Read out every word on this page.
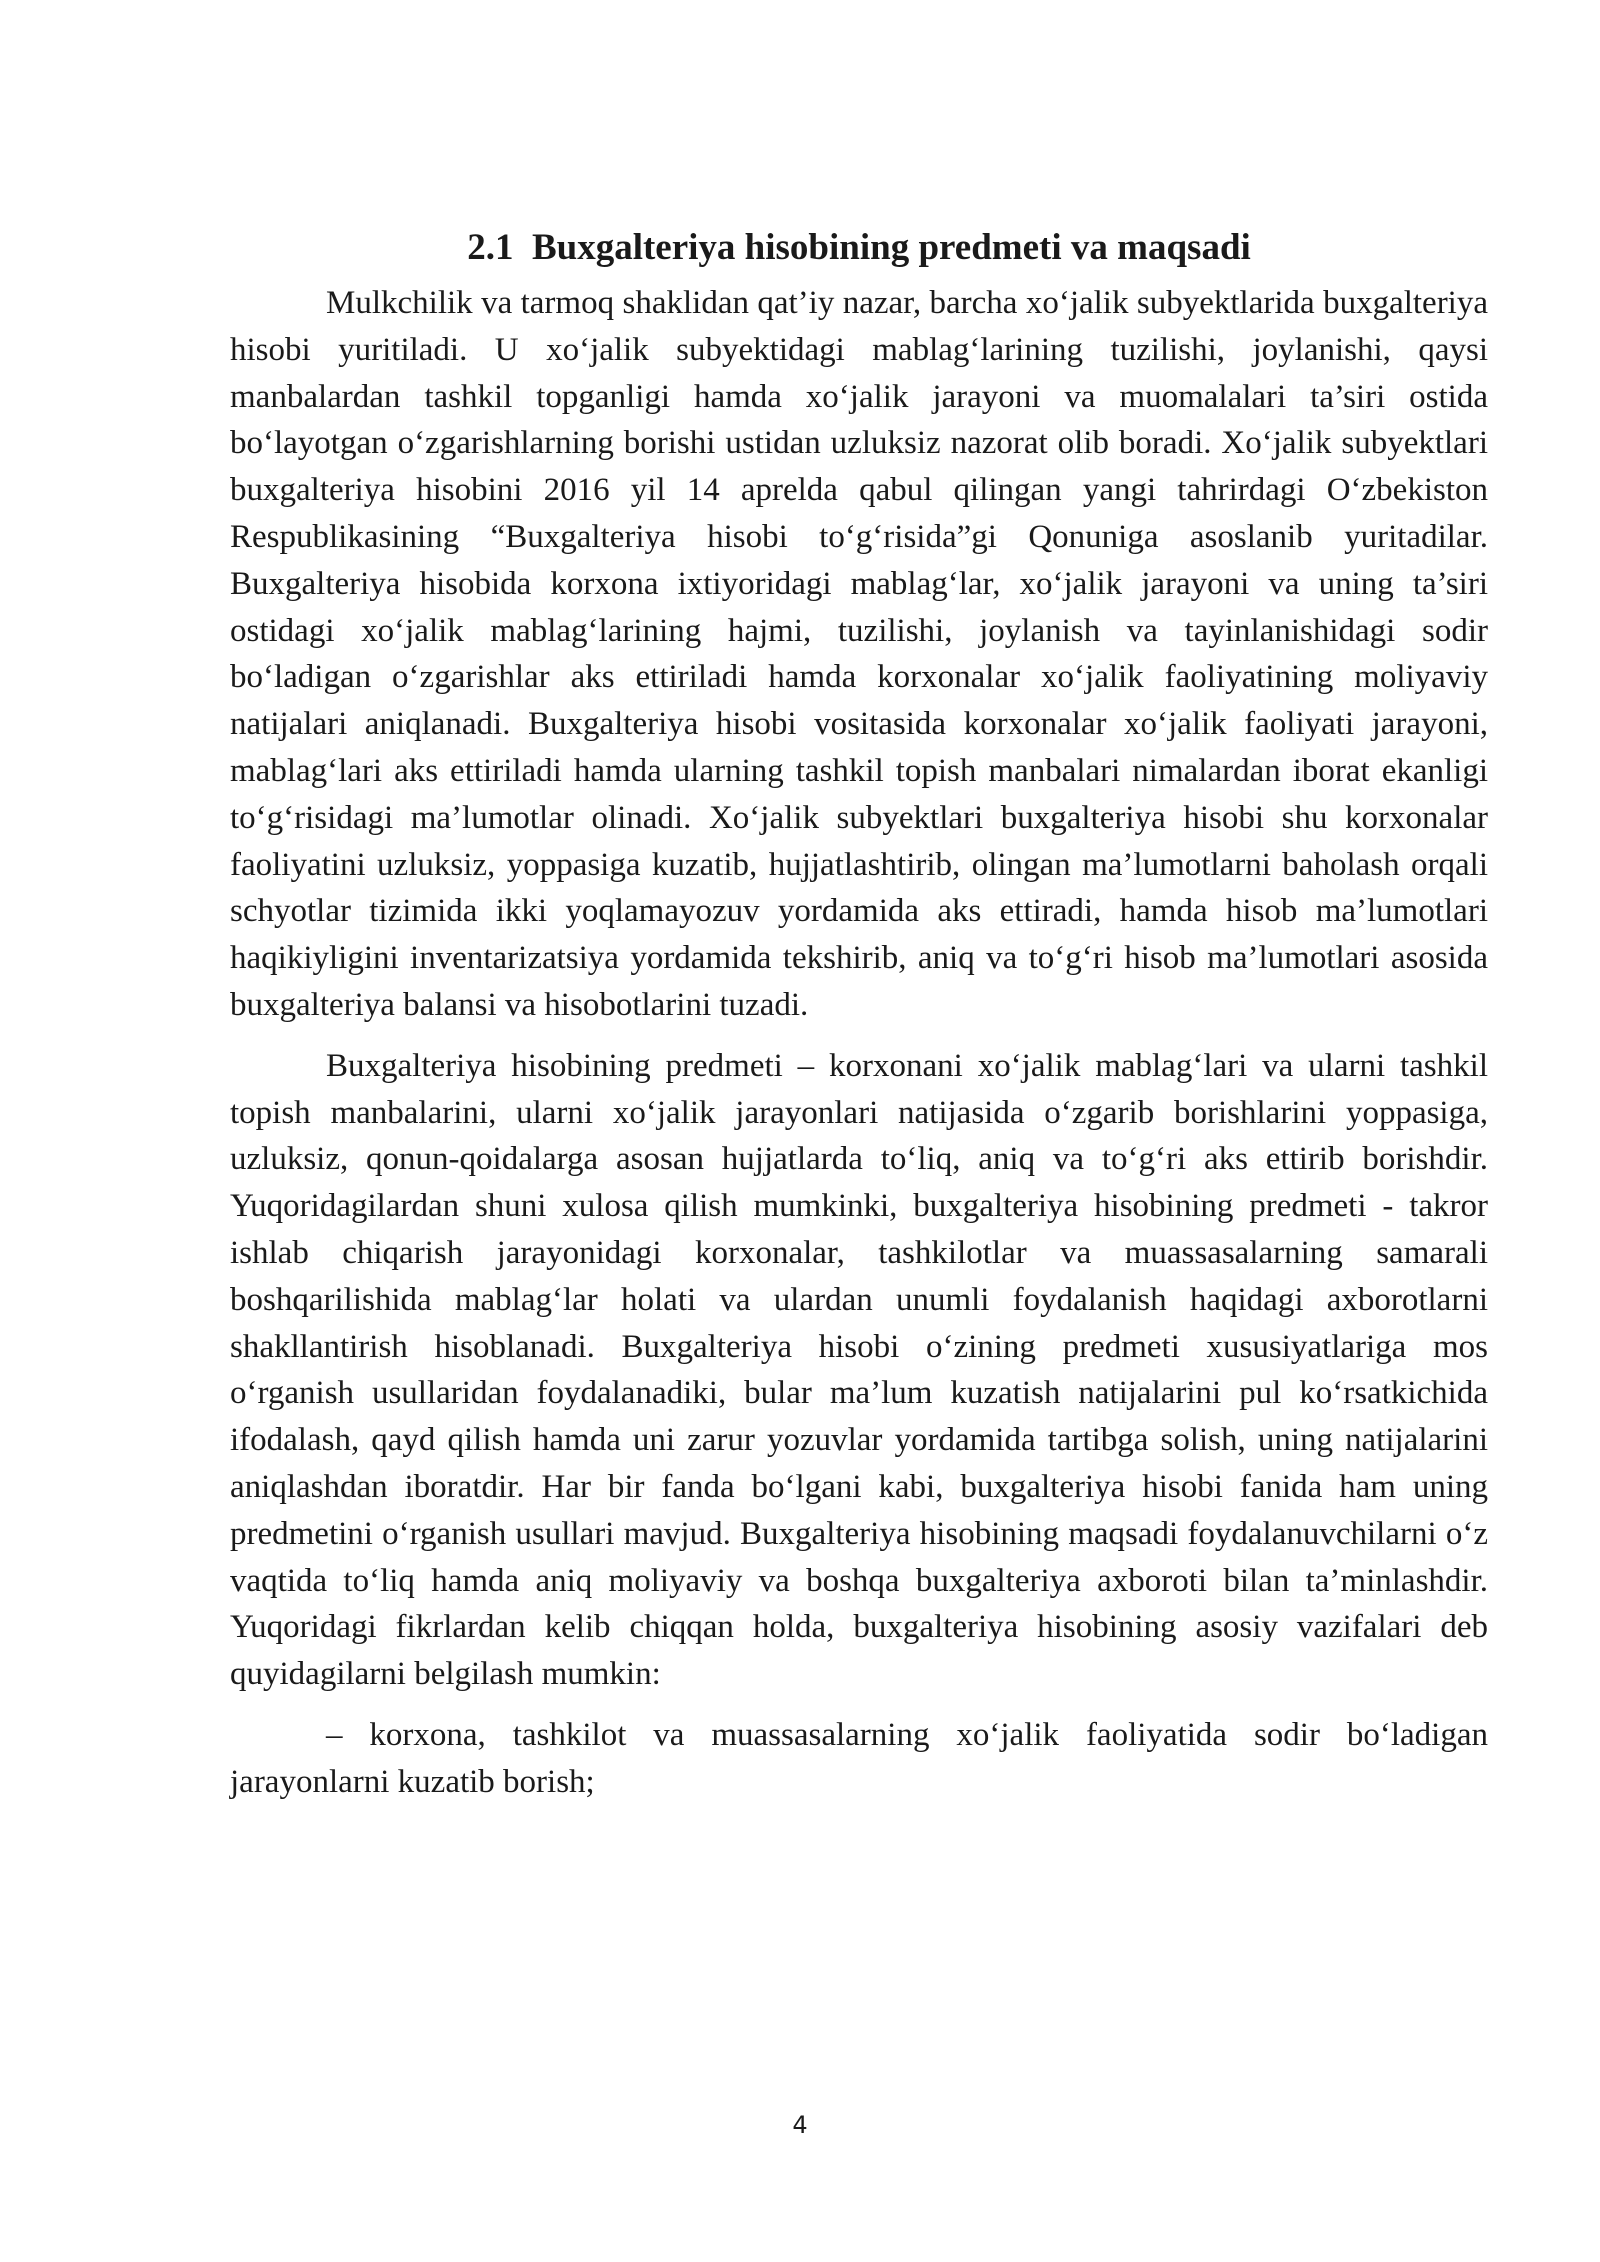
2.1  Buxgalteriya hisobining predmeti va maqsadi

Mulkchilik va tarmoq shaklidan qat’iy nazar, barcha xo‘jalik subyektlarida buxgalteriya hisobi yuritiladi. U xo‘jalik subyektidagi mablag‘larining tuzilishi, joylanishi, qaysi manbalardan tashkil topganligi hamda xo‘jalik jarayoni va muomalalari ta’siri ostida bo‘layotgan o‘zgarishlarning borishi ustidan uzluksiz nazorat olib boradi. Xo‘jalik subyektlari buxgalteriya hisobini 2016 yil 14 aprelda qabul qilingan yangi tahrirdagi O‘zbekiston Respublikasining “Buxgalteriya hisobi to‘g‘risida”gi Qonuniga asoslanib yuritadilar. Buxgalteriya hisobida korxona ixtiyoridagi mablag‘lar, xo‘jalik jarayoni va uning ta’siri ostidagi xo‘jalik mablag‘larining hajmi, tuzilishi, joylanish va tayinlanishidagi sodir bo‘ladigan o‘zgarishlar aks ettiriladi hamda korxonalar xo‘jalik faoliyatining moliyaviy natijalari aniqlanadi. Buxgalteriya hisobi vositasida korxonalar xo‘jalik faoliyati jarayoni, mablag‘lari aks ettiriladi hamda ularning tashkil topish manbalari nimalardan iborat ekanligi to‘g‘risidagi ma’lumotlar olinadi. Xo‘jalik subyektlari buxgalteriya hisobi shu korxonalar faoliyatini uzluksiz, yoppasiga kuzatib, hujjatlashtirib, olingan ma’lumotlarni baholash orqali schyotlar tizimida ikki yoqlamayozuv yordamida aks ettiradi, hamda hisob ma’lumotlari haqikiyligini inventarizatsiya yordamida tekshirib, aniq va to‘g‘ri hisob ma’lumotlari asosida buxgalteriya balansi va hisobotlarini tuzadi.

Buxgalteriya hisobining predmeti – korxonani xo‘jalik mablag‘lari va ularni tashkil topish manbalarini, ularni xo‘jalik jarayonlari natijasida o‘zgarib borishlarini yoppasiga, uzluksiz, qonun-qoidalarga asosan hujjatlarda to‘liq, aniq va to‘g‘ri aks ettirib borishdir. Yuqoridagilardan shuni xulosa qilish mumkinki, buxgalteriya hisobining predmeti - takror ishlab chiqarish jarayonidagi korxonalar, tashkilotlar va muassasalarning samarali boshqarilishida mablag‘lar holati va ulardan unumli foydalanish haqidagi axborotlarni shakllantirish hisoblanadi. Buxgalteriya hisobi o‘zining predmeti xususiyatlariga mos o‘rganish usullaridan foydalanadiki, bular ma’lum kuzatish natijalarini pul ko‘rsatkichida ifodalash, qayd qilish hamda uni zarur yozuvlar yordamida tartibga solish, uning natijalarini aniqlashdan iboratdir. Har bir fanda bo‘lgani kabi, buxgalteriya hisobi fanida ham uning predmetini o‘rganish usullari mavjud. Buxgalteriya hisobining maqsadi foydalanuvchilarni o‘z vaqtida to‘liq hamda aniq moliyaviy va boshqa buxgalteriya axboroti bilan ta’minlashdir. Yuqoridagi fikrlardan kelib chiqqan holda, buxgalteriya hisobining asosiy vazifalari deb quyidagilarni belgilash mumkin:

– korxona, tashkilot va muassasalarning xo‘jalik faoliyatida sodir bo‘ladigan jarayonlarni kuzatib borish;

4
